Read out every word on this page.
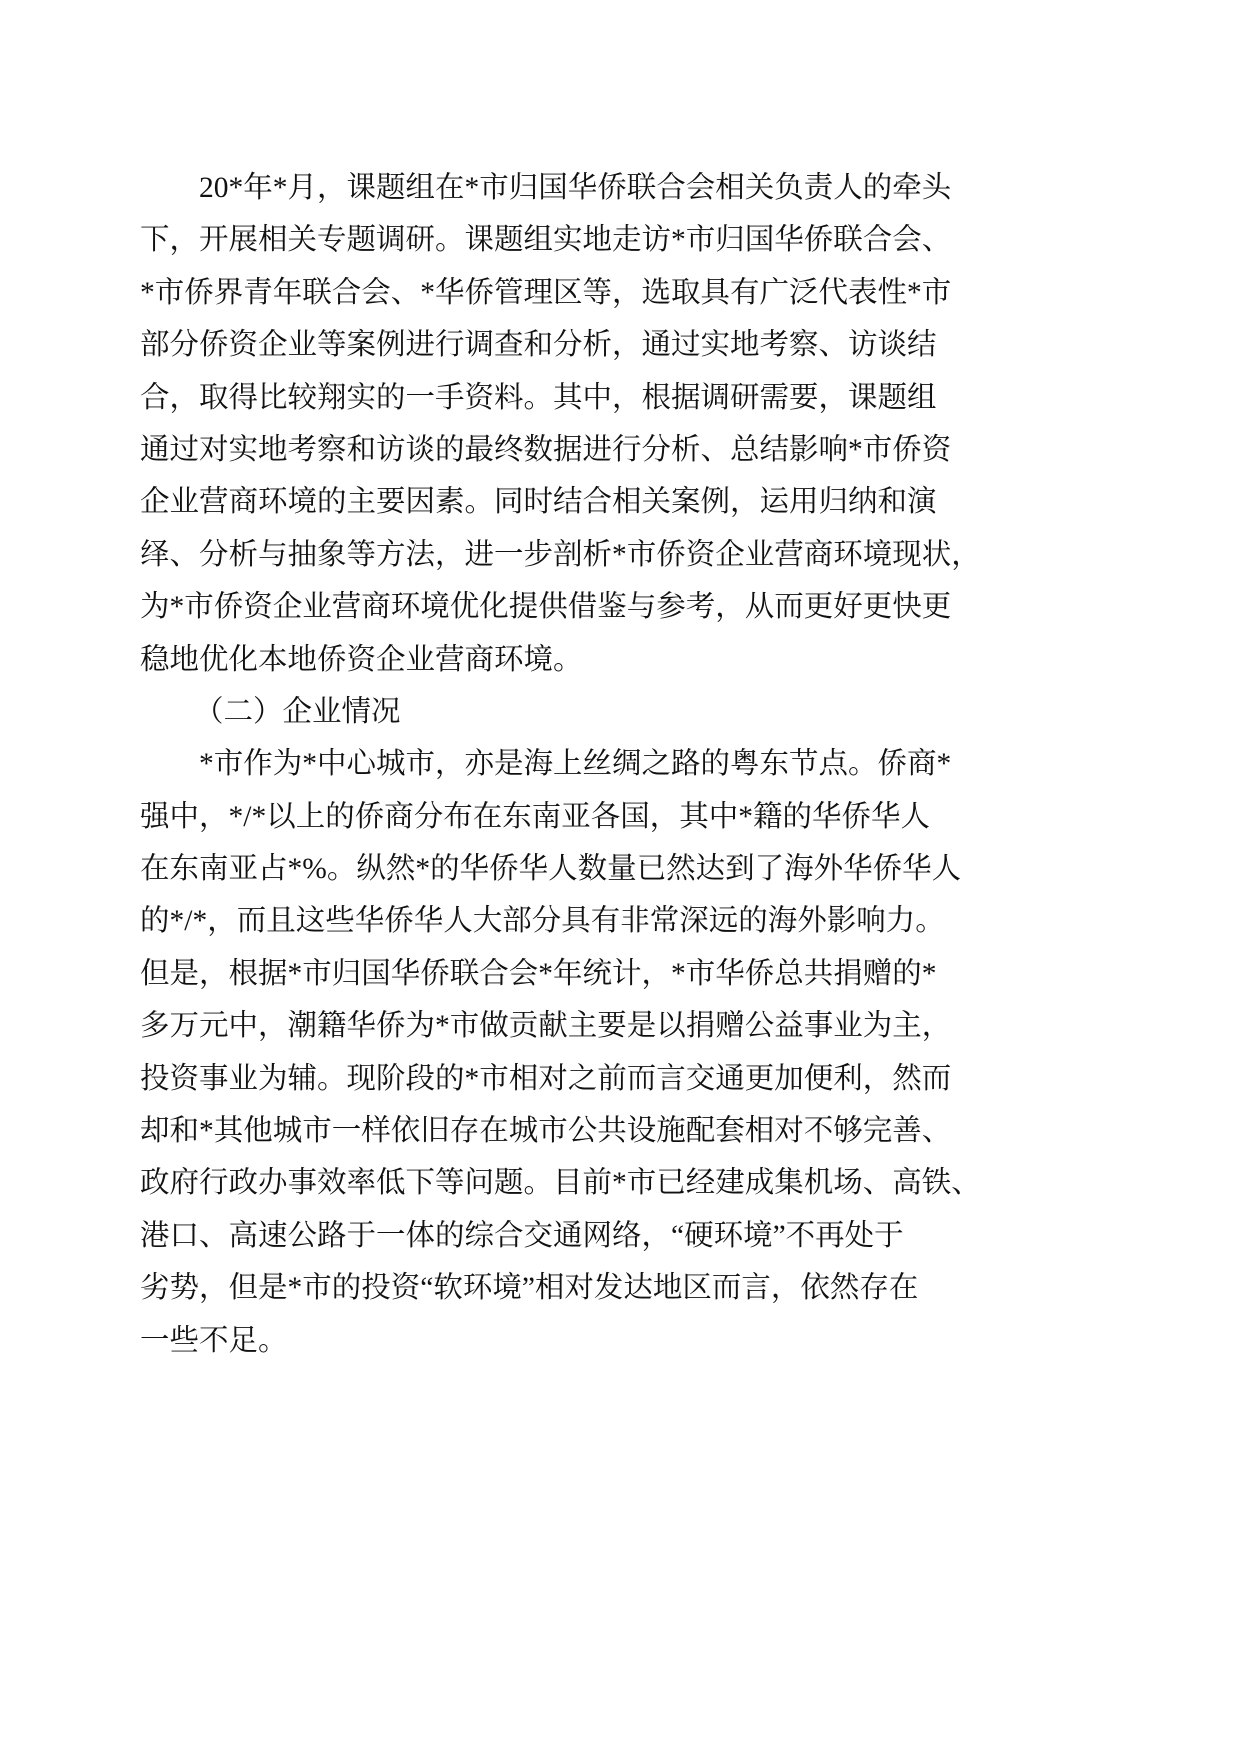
20*年*月，课题组在*市归国华侨联合会相关负责人的牵头
下，开展相关专题调研。课题组实地走访*市归国华侨联合会、
*市侨界青年联合会、*华侨管理区等，选取具有广泛代表性*市
部分侨资企业等案例进行调查和分析，通过实地考察、访谈结
合，取得比较翔实的一手资料。其中，根据调研需要，课题组
通过对实地考察和访谈的最终数据进行分析、总结影响*市侨资
企业营商环境的主要因素。同时结合相关案例，运用归纳和演
绎、分析与抽象等方法，进一步剖析*市侨资企业营商环境现状，
为*市侨资企业营商环境优化提供借鉴与参考，从而更好更快更
稳地优化本地侨资企业营商环境。
（二）企业情况
*市作为*中心城市，亦是海上丝绸之路的粤东节点。侨商*
强中，*/*以上的侨商分布在东南亚各国，其中*籍的华侨华人
在东南亚占*%。纵然*的华侨华人数量已然达到了海外华侨华人
的*/*，而且这些华侨华人大部分具有非常深远的海外影响力。
但是，根据*市归国华侨联合会*年统计，*市华侨总共捐赠的*
多万元中，潮籍华侨为*市做贡献主要是以捐赠公益事业为主，
投资事业为辅。现阶段的*市相对之前而言交通更加便利，然而
却和*其他城市一样依旧存在城市公共设施配套相对不够完善、
政府行政办事效率低下等问题。目前*市已经建成集机场、高铁、
港口、高速公路于一体的综合交通网络，“硬环境”不再处于
劣势，但是*市的投资“软环境”相对发达地区而言，依然存在
一些不足。
